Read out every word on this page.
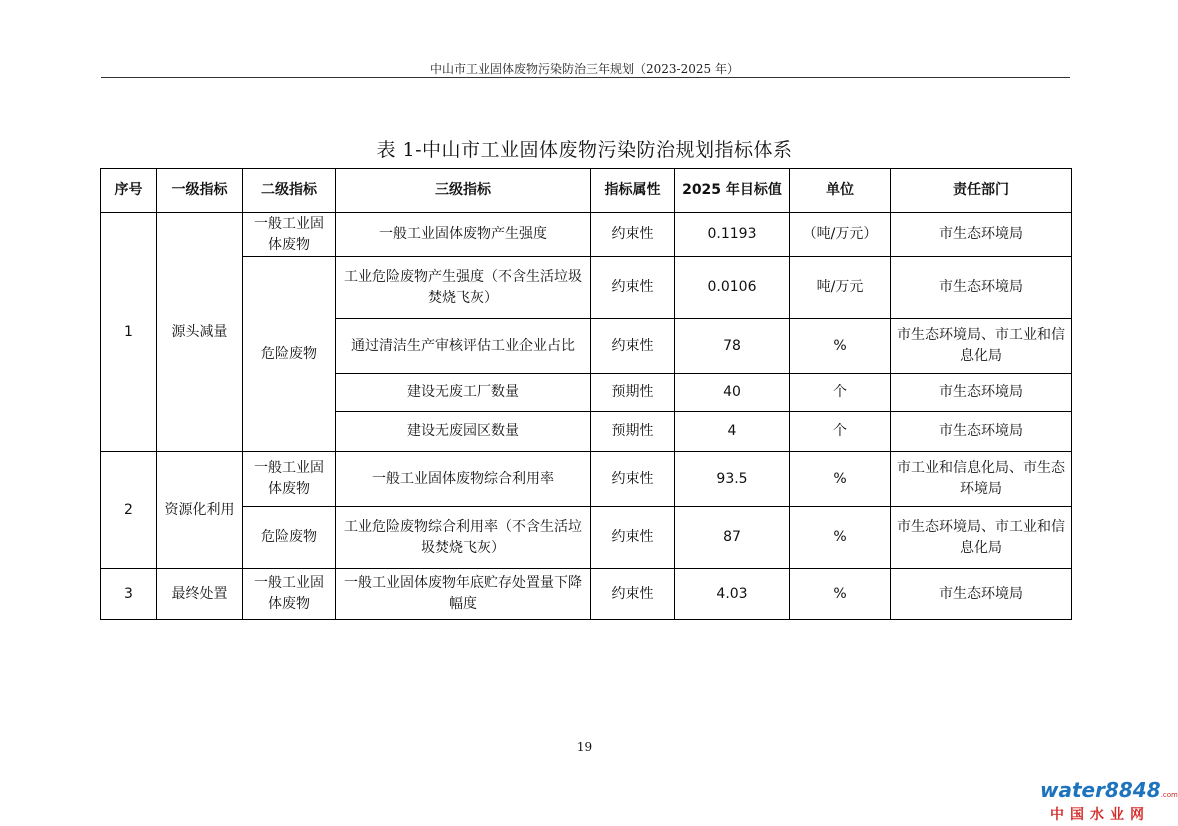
中山市工业固体废物污染防治三年规划（2023-2025 年）
表 1-中山市工业固体废物污染防治规划指标体系
序号	一级指标	二级指标	三级指标	指标属性	2025 年目标值	单位	责任部门
1	源头减量	一般工业固体废物	一般工业固体废物产生强度	约束性	0.1193	（吨/万元）	市生态环境局
		危险废物	工业危险废物产生强度（不含生活垃圾焚烧飞灰）	约束性	0.0106	吨/万元	市生态环境局
			通过清洁生产审核评估工业企业占比	约束性	78	%	市生态环境局、市工业和信息化局
			建设无废工厂数量	预期性	40	个	市生态环境局
			建设无废园区数量	预期性	4	个	市生态环境局
2	资源化利用	一般工业固体废物	一般工业固体废物综合利用率	约束性	93.5	%	市工业和信息化局、市生态环境局
		危险废物	工业危险废物综合利用率（不含生活垃圾焚烧飞灰）	约束性	87	%	市生态环境局、市工业和信息化局
3	最终处置	一般工业固体废物	一般工业固体废物年底贮存处置量下降幅度	约束性	4.03	%	市生态环境局
19
water8848.com
中国水业网
